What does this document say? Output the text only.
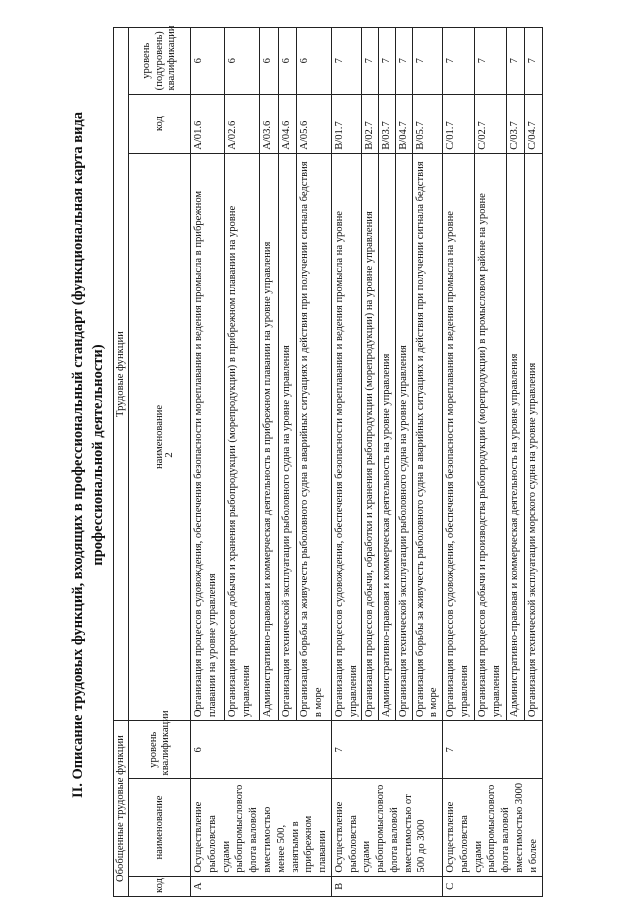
2
II. Описание трудовых функций, входящих в профессиональный стандарт (функциональная карта вида профессиональной деятельности)
Обобщенные трудовые функции			Трудовые функции		
код	наименование	уровень квалификации	наименование	код	уровень (подуровень) квалификации
A	Осуществление рыболовства судами рыбопромыслового флота валовой вместимостью менее 500, занятыми в прибрежном плавании	6	Организация процессов судовождения, обеспечения безопасности мореплавания и ведения промысла в прибрежном плавании на уровне управления	A/01.6	6
			Организация процессов добычи и хранения рыбопродукции (морепродукции) в прибрежном плавании на уровне управления	A/02.6	6
			Административно-правовая и коммерческая деятельность в прибрежном плавании на уровне управления	A/03.6	6
			Организация технической эксплуатации рыболовного судна на уровне управления	A/04.6	6
			Организация борьбы за живучесть рыболовного судна в аварийных ситуациях и действия при получении сигнала бедствия в море	A/05.6	6
B	Осуществление рыболовства судами рыбопромыслового флота валовой вместимостью от 500 до 3000	7	Организация процессов судовождения, обеспечения безопасности мореплавания и ведения промысла на уровне управления	B/01.7	7
			Организация процессов добычи, обработки и хранения рыбопродукции (морепродукции) на уровне управления	B/02.7	7
			Административно-правовая и коммерческая деятельность на уровне управления	B/03.7	7
			Организация технической эксплуатации рыболовного судна на уровне управления	B/04.7	7
			Организация борьбы за живучесть рыболовного судна в аварийных ситуациях и действия при получении сигнала бедствия в море	B/05.7	7
C	Осуществление рыболовства судами рыбопромыслового флота валовой вместимостью 3000 и более	7	Организация процессов судовождения, обеспечения безопасности мореплавания и ведения промысла на уровне управления	C/01.7	7
			Организация процессов добычи и производства рыбопродукции (морепродукции) в промысловом районе на уровне управления	C/02.7	7
			Административно-правовая и коммерческая деятельность на уровне управления	C/03.7	7
			Организация технической эксплуатации морского судна на уровне управления	C/04.7	7
